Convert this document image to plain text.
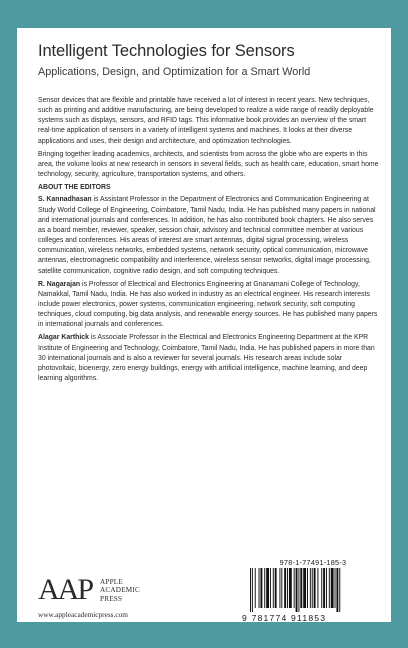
Intelligent Technologies for Sensors
Applications, Design, and Optimization for a Smart World

Sensor devices that are flexible and printable have received a lot of interest in recent years. New techniques, such as printing and additive manufacturing, are being developed to realize a wide range of readily deployable systems such as displays, sensors, and RFID tags. This informative book provides an overview of the smart real-time application of sensors in a variety of intelligent systems and machines. It looks at their diverse applications and uses, their design and architecture, and optimization technologies.

Bringing together leading academics, architects, and scientists from across the globe who are experts in this area, the volume looks at new research in sensors in several fields, such as health care, education, smart home technology, security, agriculture, transportation systems, and others.

ABOUT THE EDITORS

S. Kannadhasan is Assistant Professor in the Department of Electronics and Communication Engineering at Study World College of Engineering, Coimbatore, Tamil Nadu, India. He has published many papers in national and international journals and conferences. In addition, he has also contributed book chapters. He also serves as a board member, reviewer, speaker, session chair, advisory and technical committee member at various colleges and conferences. His areas of interest are smart antennas, digital signal processing, wireless communication, wireless networks, embedded systems, network security, optical communication, microwave antennas, electromagnetic compatibility and interference, wireless sensor networks, digital image processing, satellite communication, cognitive radio design, and soft computing techniques.

R. Nagarajan is Professor of Electrical and Electronics Engineering at Gnanamani College of Technology, Namakkal, Tamil Nadu, India. He has also worked in industry as an electrical engineer. His research interests include power electronics, power systems, communication engineering, network security, soft computing techniques, cloud computing, big data analysis, and renewable energy sources. He has published many papers in international journals and conferences.

Alagar Karthick is Associate Professor in the Electrical and Electronics Engineering Department at the KPR Institute of Engineering and Technology, Coimbatore, Tamil Nadu, India. He has published papers in more than 30 international journals and is also a reviewer for several journals. His research areas include solar photovoltaic, bioenergy, zero energy buildings, energy with artificial intelligence, machine learning, and deep learning algorithms.

AAP	APPLE
ACADEMIC
PRESS
www.appleacademicpress.com
978-1-77491-185-3
9 781774 911853
